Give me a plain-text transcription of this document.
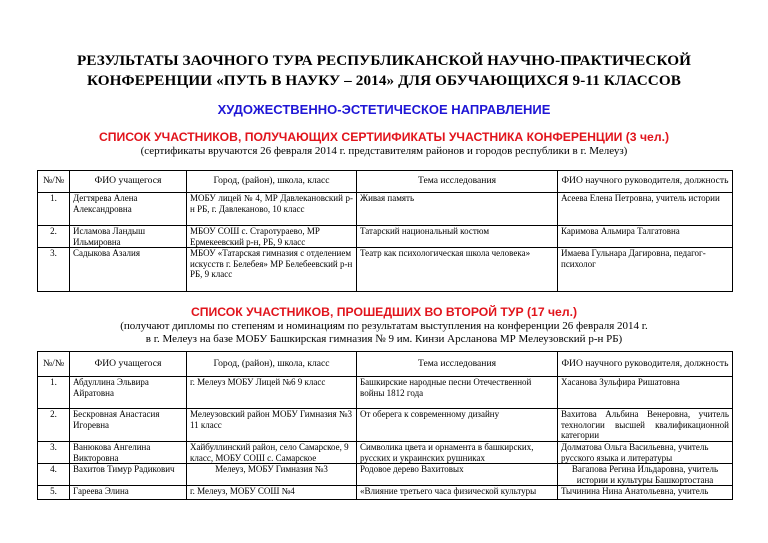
РЕЗУЛЬТАТЫ ЗАОЧНОГО ТУРА РЕСПУБЛИКАНСКОЙ НАУЧНО-ПРАКТИЧЕСКОЙ
КОНФЕРЕНЦИИ «ПУТЬ В НАУКУ – 2014» ДЛЯ ОБУЧАЮЩИХСЯ 9-11 КЛАССОВ
ХУДОЖЕСТВЕННО-ЭСТЕТИЧЕСКОЕ НАПРАВЛЕНИЕ
СПИСОК УЧАСТНИКОВ, ПОЛУЧАЮЩИХ СЕРТИИФИКАТЫ УЧАСТНИКА КОНФЕРЕНЦИИ (3 чел.)
(сертификаты вручаются 26 февраля 2014 г. представителям районов и городов республики в г. Мелеуз)
№/№	ФИО учащегося	Город, (район), школа, класс	Тема исследования	ФИО научного руководителя, должность
1.	Дегтярева Алена Александровна	МОБУ лицей № 4, МР Давлекановский р-н РБ, г. Давлеканово, 10 класс	Живая память	Асеева Елена Петровна, учитель истории
2.	Исламова Ландыш Ильмировна	МБОУ СОШ с. Старотураево, МР Ермекеевский р-н, РБ, 9 класс	Татарский национальный костюм	Каримова Альмира Талгатовна
3.	Садыкова Азалия	МБОУ «Татарская гимназия с отделением искусств г. Белебея» МР Белебеевский р-н РБ, 9 класс	Театр как психологическая школа человека»	Имаева Гульнара Дагировна, педагог-психолог
СПИСОК УЧАСТНИКОВ, ПРОШЕДШИХ ВО ВТОРОЙ ТУР (17 чел.)
(получают дипломы по степеням и номинациям по результатам выступления на конференции 26 февраля 2014 г.
в г. Мелеуз на базе МОБУ Башкирская гимназия № 9 им. Кинзи Арсланова МР Мелеузовский р-н РБ)
№/№	ФИО учащегося	Город, (район), школа, класс	Тема исследования	ФИО научного руководителя, должность
1.	Абдуллина Эльвира Айратовна	г. Мелеуз МОБУ Лицей №6 9 класс	Башкирские народные песни Отечественной войны 1812 года	Хасанова Зульфира Ришатовна
2.	Бескровная Анастасия Игоревна	Мелеузовский район МОБУ Гимназия №3 11 класс	От оберега к современному дизайну	Вахитова Альбина Венеровна, учитель технологии высшей квалификационной категории
3.	Ванюкова Ангелина Викторовна	Хайбуллинский район, село Самарское, 9 класс, МОБУ СОШ с. Самарское	Символика цвета и орнамента в башкирских, русских и украинских рушниках	Долматова Ольга Васильевна, учитель русского языка и литературы
4.	Вахитов Тимур Радикович	Мелеуз, МОБУ Гимназия №3	Родовое дерево Вахитовых	Вагапова Регина Ильдаровна, учитель истории и культуры Башкортостана
5.	Гареева Элина	г. Мелеуз, МОБУ СОШ №4	«Влияние третьего часа физической культуры	Тычинина Нина Анатольевна, учитель
